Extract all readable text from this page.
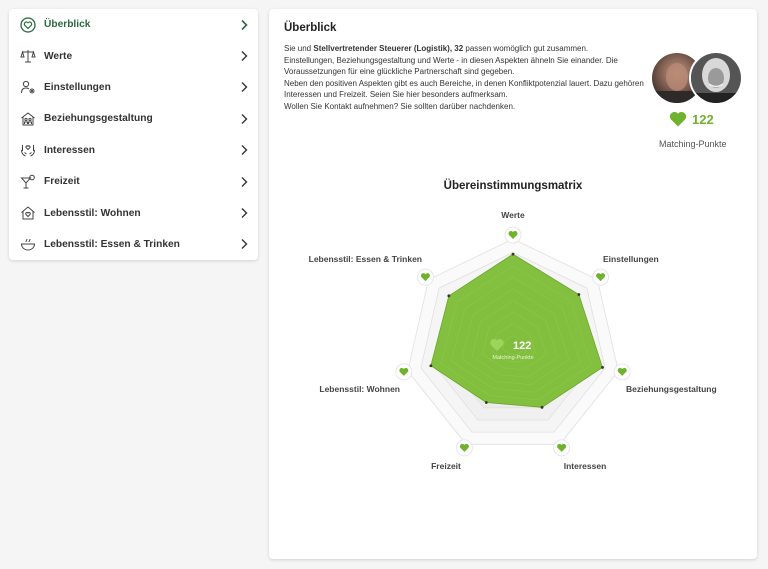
Überblick
Werte
Einstellungen
Beziehungsgestaltung
Interessen
Freizeit
Lebensstil: Wohnen
Lebensstil: Essen & Trinken
Überblick

Sie und Stellvertretender Steuerer (Logistik), 32 passen womöglich gut zusammen.

Einstellungen, Beziehungsgestaltung und Werte - in diesen Aspekten ähneln Sie einander. Die Voraussetzungen für eine glückliche Partnerschaft sind gegeben.

Neben den positiven Aspekten gibt es auch Bereiche, in denen Konfliktpotenzial lauert. Dazu gehören Interessen und Freizeit. Seien Sie hier besonders aufmerksam.

Wollen Sie Kontakt aufnehmen? Sie sollten darüber nachdenken.

122
Matching-Punkte
Übereinstimmungsmatrix
Werte
Einstellungen
Beziehungsgestaltung
Interessen
Freizeit
Lebensstil: Wohnen
Lebensstil: Essen & Trinken
122
Matching-Punkte
